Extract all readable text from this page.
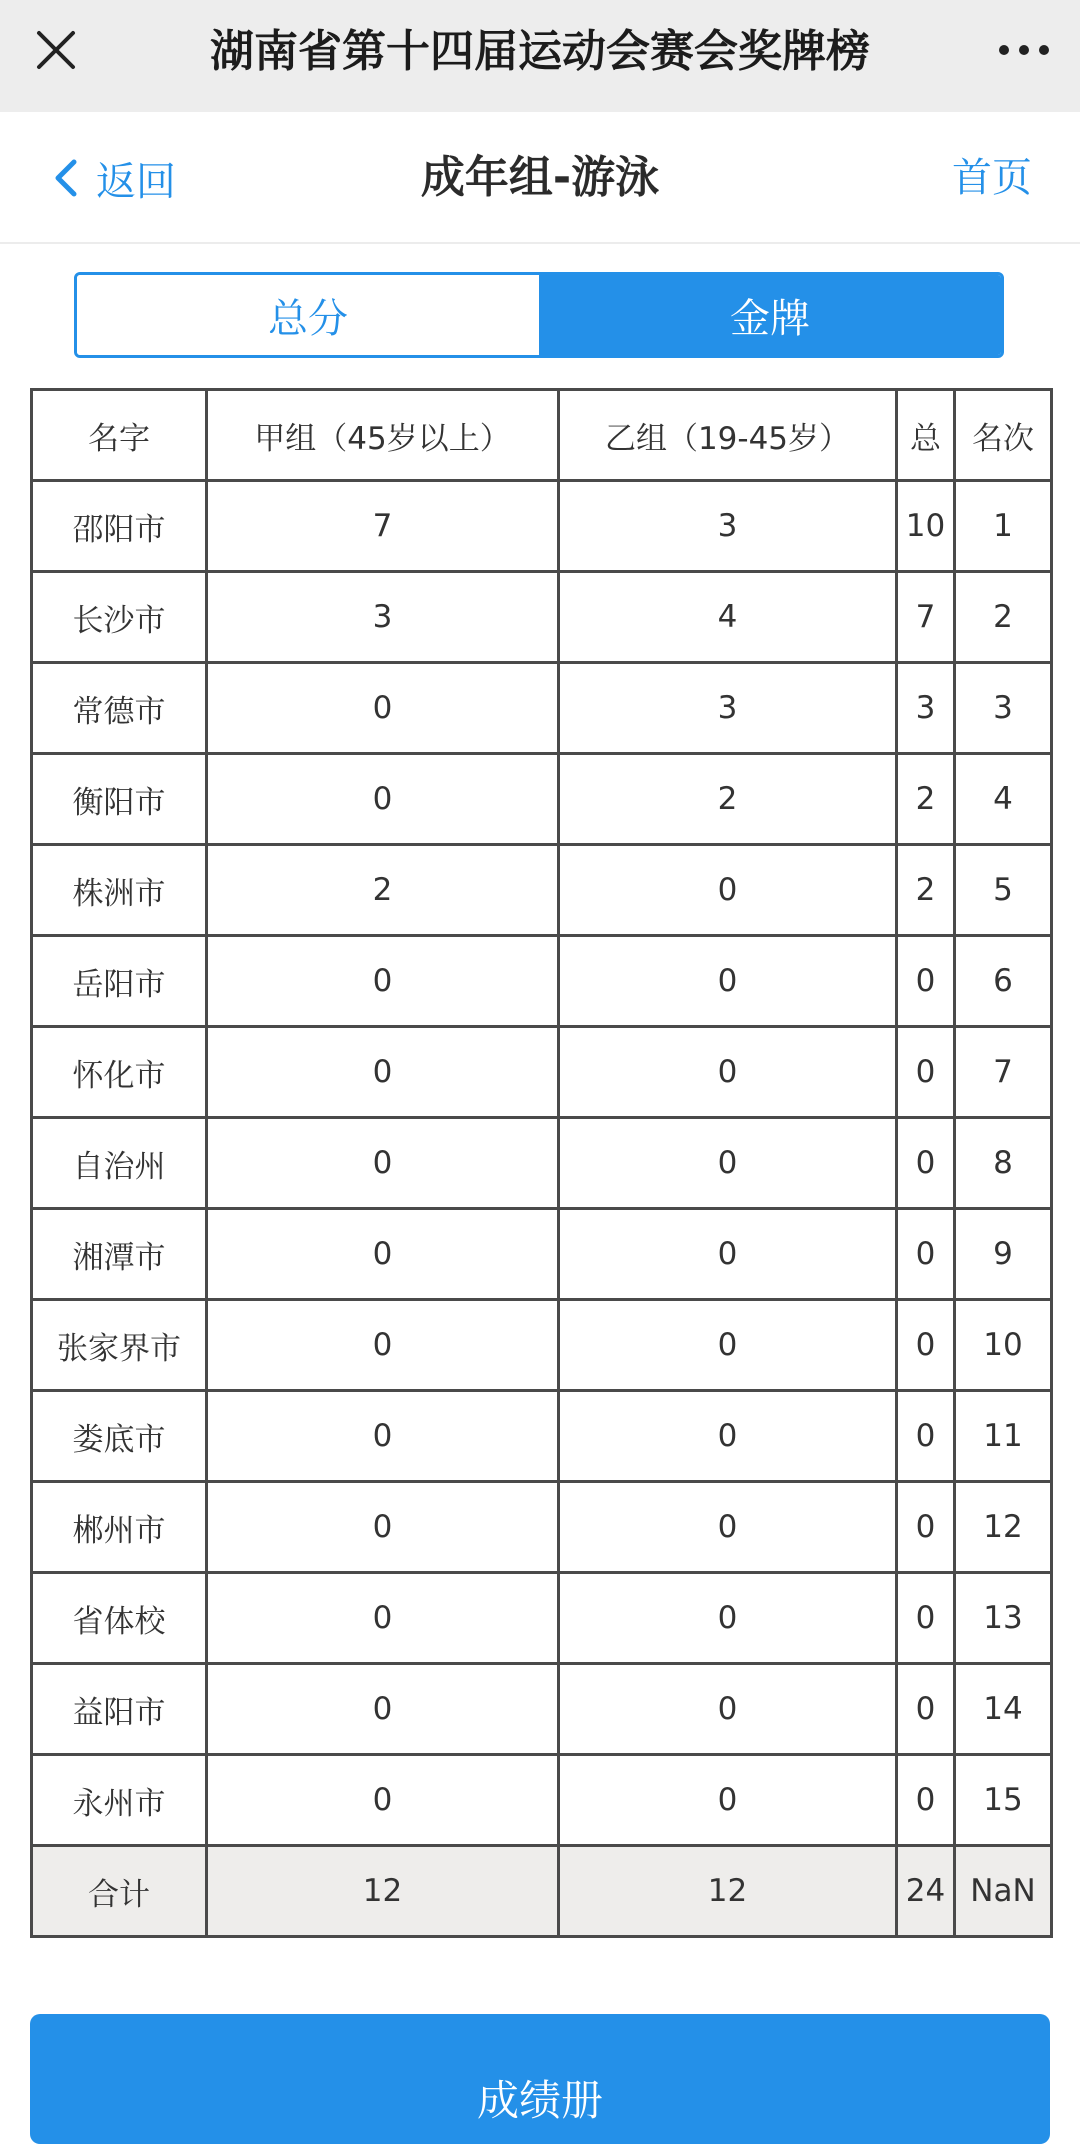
湖南省第十四届运动会赛会奖牌榜
返回	成年组-游泳	首页
总分	金牌
名字	甲组（45岁以上）	乙组（19-45岁）	总	名次
邵阳市	7	3	10	1
长沙市	3	4	7	2
常德市	0	3	3	3
衡阳市	0	2	2	4
株洲市	2	0	2	5
岳阳市	0	0	0	6
怀化市	0	0	0	7
自治州	0	0	0	8
湘潭市	0	0	0	9
张家界市	0	0	0	10
娄底市	0	0	0	11
郴州市	0	0	0	12
省体校	0	0	0	13
益阳市	0	0	0	14
永州市	0	0	0	15
合计	12	12	24	NaN
成绩册
